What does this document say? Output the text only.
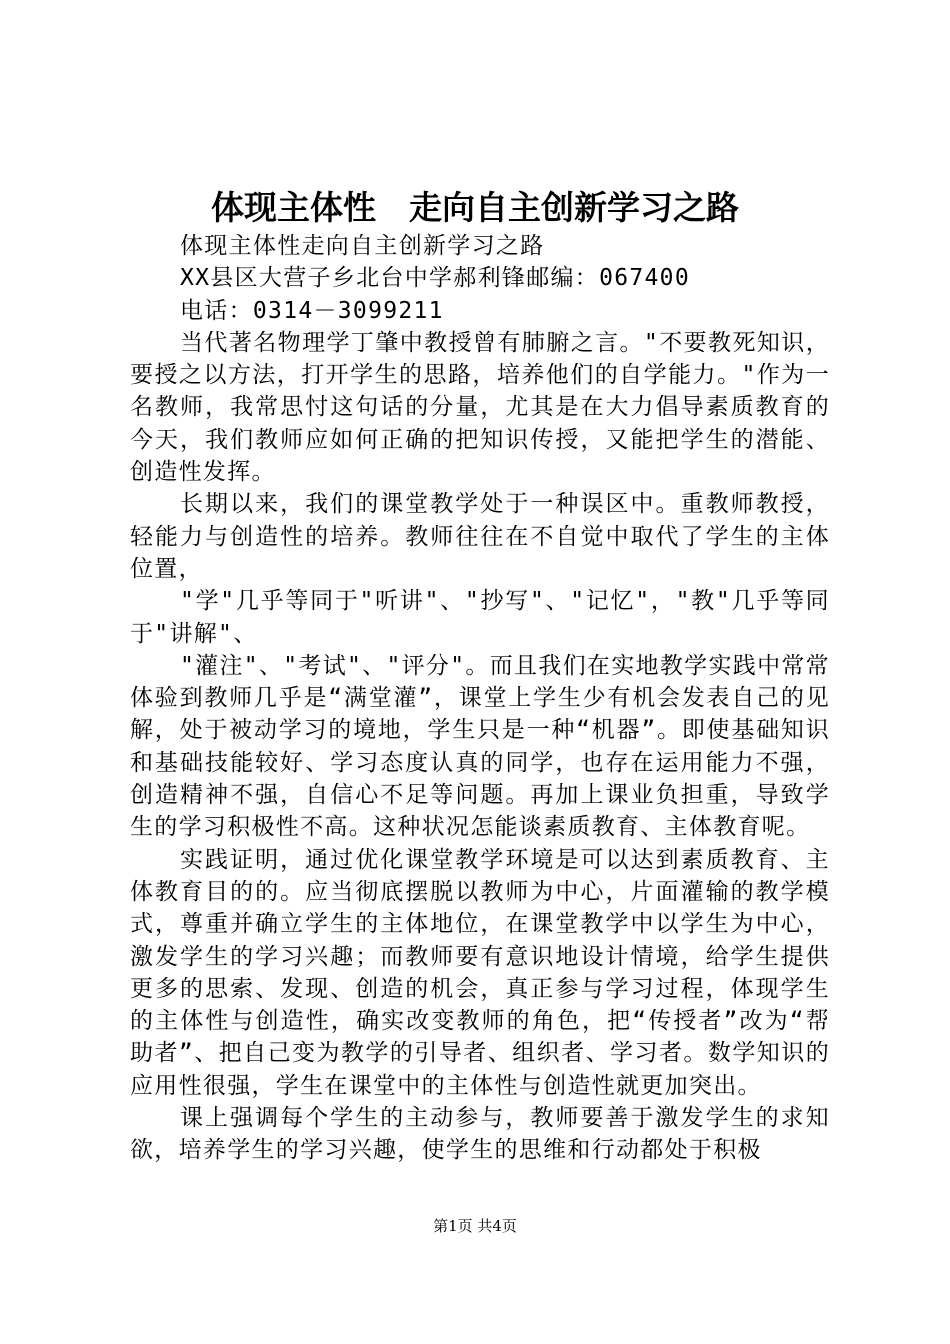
体现主体性　走向自主创新学习之路

体现主体性走向自主创新学习之路

XX县区大营子乡北台中学郝利锋邮编：067400

电话：0314－3099211

当代著名物理学丁肇中教授曾有肺腑之言。"不要教死知识，要授之以方法，打开学生的思路，培养他们的自学能力。"作为一名教师，我常思忖这句话的分量，尤其是在大力倡导素质教育的今天，我们教师应如何正确的把知识传授，又能把学生的潜能、创造性发挥。

长期以来，我们的课堂教学处于一种误区中。重教师教授，轻能力与创造性的培养。教师往往在不自觉中取代了学生的主体位置，

"学"几乎等同于"听讲"、"抄写"、"记忆"，"教"几乎等同于"讲解"、

"灌注"、"考试"、"评分"。而且我们在实地教学实践中常常体验到教师几乎是“满堂灌”，课堂上学生少有机会发表自己的见解，处于被动学习的境地，学生只是一种“机器”。即使基础知识和基础技能较好、学习态度认真的同学，也存在运用能力不强，创造精神不强，自信心不足等问题。再加上课业负担重，导致学生的学习积极性不高。这种状况怎能谈素质教育、主体教育呢。

实践证明，通过优化课堂教学环境是可以达到素质教育、主体教育目的的。应当彻底摆脱以教师为中心，片面灌输的教学模式，尊重并确立学生的主体地位，在课堂教学中以学生为中心，激发学生的学习兴趣；而教师要有意识地设计情境，给学生提供更多的思索、发现、创造的机会，真正参与学习过程，体现学生的主体性与创造性，确实改变教师的角色，把“传授者”改为“帮助者”、把自己变为教学的引导者、组织者、学习者。数学知识的应用性很强，学生在课堂中的主体性与创造性就更加突出。

课上强调每个学生的主动参与，教师要善于激发学生的求知欲，培养学生的学习兴趣，使学生的思维和行动都处于积极

第1页 共4页
